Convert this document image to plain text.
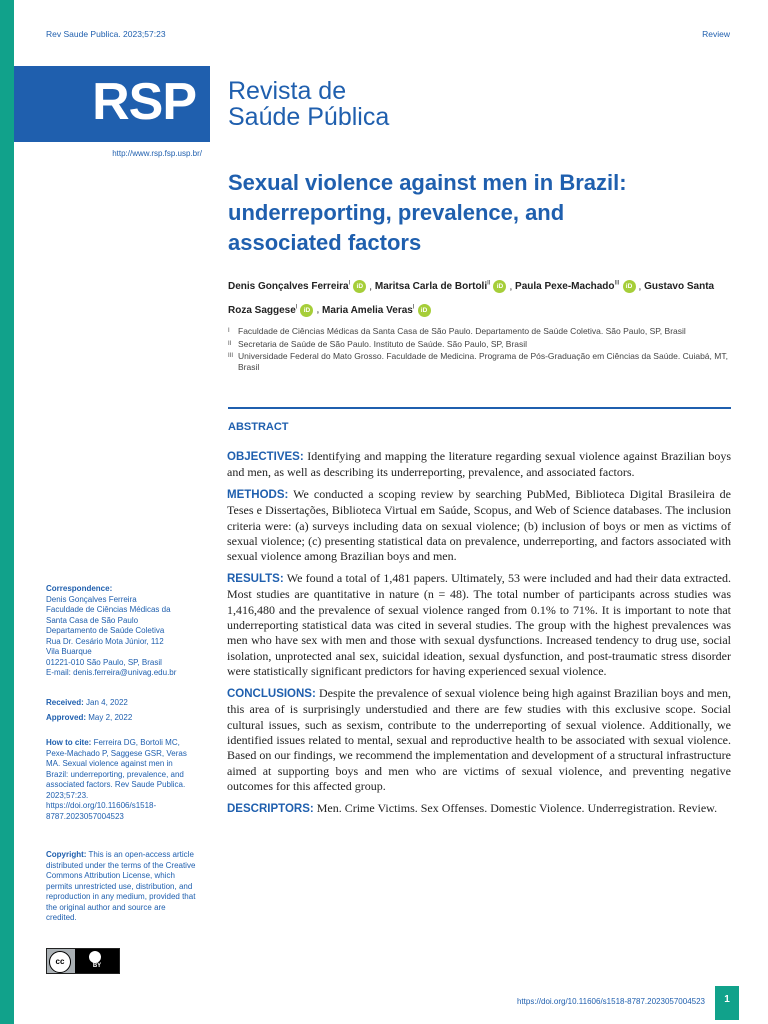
Rev Saude Publica. 2023;57:23	Review
RSP Revista de
Saúde Pública
http://www.rsp.fsp.usp.br/
Sexual violence against men in Brazil: underreporting, prevalence, and associated factors
Denis Gonçalves Ferreira$^I$ iD , Maritsa Carla de Bortoli$^{II}$ iD , Paula Pexe-Machado$^{III}$ iD , Gustavo Santa Roza Saggese$^I$ iD , Maria Amelia Veras$^I$ iD
I Faculdade de Ciências Médicas da Santa Casa de São Paulo. Departamento de Saúde Coletiva. São Paulo, SP, Brasil
II Secretaria de Saúde de São Paulo. Instituto de Saúde. São Paulo, SP, Brasil
III Universidade Federal do Mato Grosso. Faculdade de Medicina. Programa de Pós-Graduação em Ciências da Saúde. Cuiabá, MT, Brasil
ABSTRACT

OBJECTIVES: Identifying and mapping the literature regarding sexual violence against Brazilian boys and men, as well as describing its underreporting, prevalence, and associated factors.

METHODS: We conducted a scoping review by searching PubMed, Biblioteca Digital Brasileira de Teses e Dissertações, Biblioteca Virtual em Saúde, Scopus, and Web of Science databases. The inclusion criteria were: (a) surveys including data on sexual violence; (b) inclusion of boys or men as victims of sexual violence; (c) presenting statistical data on prevalence, underreporting, and factors associated with sexual violence among Brazilian boys and men.

RESULTS: We found a total of 1,481 papers. Ultimately, 53 were included and had their data extracted. Most studies are quantitative in nature (n = 48). The total number of participants across studies was 1,416,480 and the prevalence of sexual violence ranged from 0.1% to 71%. It is important to note that underreporting statistical data was cited in several studies. The group with the highest prevalences was men who have sex with men and those with sexual dysfunctions. Increased tendency to drug use, social isolation, unprotected anal sex, suicidal ideation, sexual dysfunction, and post-traumatic stress disorder were statistically significant predictors for having experienced sexual violence.

CONCLUSIONS: Despite the prevalence of sexual violence being high against Brazilian boys and men, this area of is surprisingly understudied and there are few studies with this exclusive scope. Social cultural issues, such as sexism, contribute to the underreporting of sexual violence. Additionally, we identified issues related to mental, sexual and reproductive health to be associated with sexual violence. Based on our findings, we recommend the implementation and development of a structural infrastructure aimed at supporting boys and men who are victims of sexual violence, and preventing negative outcomes for this affected group.

DESCRIPTORS: Men. Crime Victims. Sex Offenses. Domestic Violence. Underregistration. Review.

Correspondence:
Denis Gonçalves Ferreira
Faculdade de Ciências Médicas da
Santa Casa de São Paulo
Departamento de Saúde Coletiva
Rua Dr. Cesário Mota Júnior, 112
Vila Buarque
01221-010 São Paulo, SP, Brasil
E-mail: denis.ferreira@univag.edu.br
Received: Jan 4, 2022
Approved: May 2, 2022
How to cite: Ferreira DG, Bortoli MC, Pexe-Machado P, Saggese GSR, Veras MA. Sexual violence against men in Brazil: underreporting, prevalence, and associated factors. Rev Saude Publica. 2023;57:23. https://doi.org/10.11606/s1518-8787.2023057004523
Copyright: This is an open-access article distributed under the terms of the Creative Commons Attribution License, which permits unrestricted use, distribution, and reproduction in any medium, provided that the original author and source are credited.
cc	BY
https://doi.org/10.11606/s1518-8787.2023057004523	1
